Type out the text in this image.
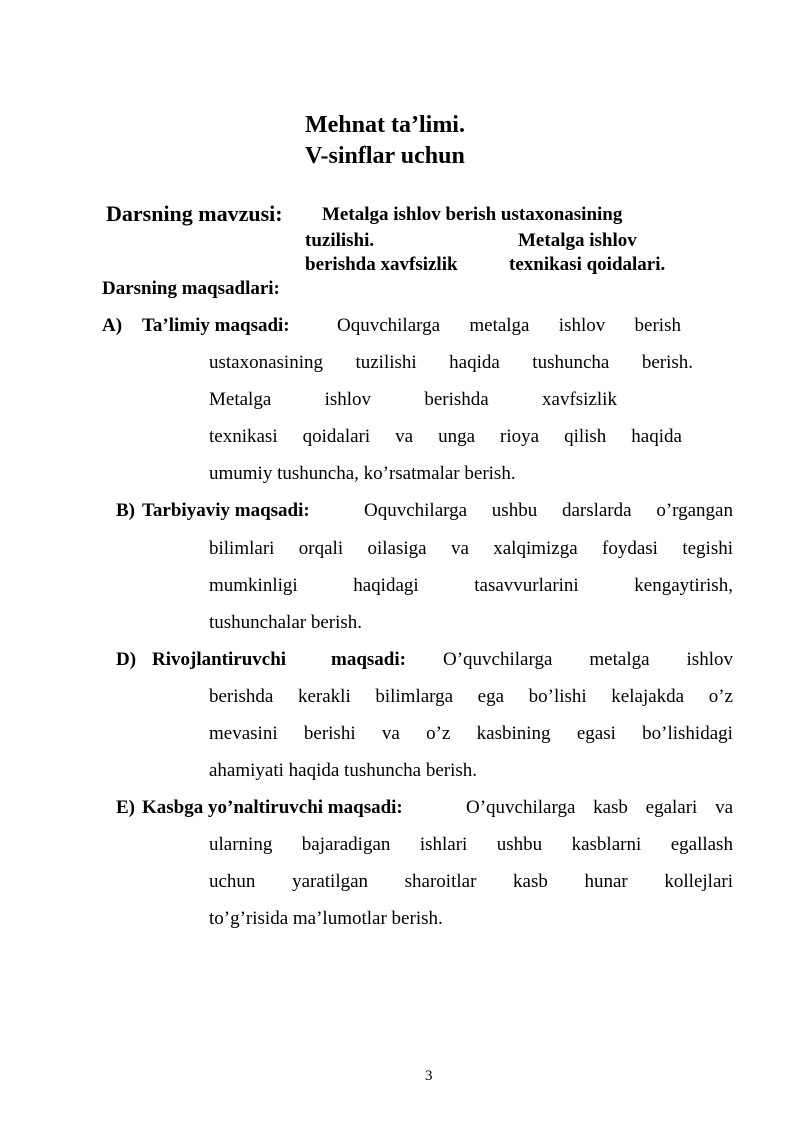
Mehnat ta’limi.
V-sinflar uchun
Darsning mavzusi: Metalga ishlov berish ustaxonasining
tuzilishi.	Metalga ishlov
berishda xavfsizlik	texnikasi qoidalari.
Darsning maqsadlari:
A) Ta’limiy maqsadi: Oquvchilarga metalga ishlov berish
ustaxonasining tuzilishi haqida tushuncha berish.
Metalga	ishlov	berishda	xavfsizlik
texnikasi qoidalari va unga rioya qilish haqida
umumiy tushuncha, ko’rsatmalar berish.
B) Tarbiyaviy maqsadi:	Oquvchilarga ushbu darslarda o’rgangan
bilimlari orqali oilasiga va xalqimizga foydasi tegishi
mumkinligi	haqidagi	tasavvurlarini	kengaytirish,
tushunchalar berish.
D) Rivojlantiruvchi maqsadi: O’quvchilarga metalga ishlov
berishda kerakli bilimlarga ega bo’lishi kelajakda o’z
mevasini berishi va o’z kasbining egasi bo’lishidagi
ahamiyati haqida tushuncha berish.
E) Kasbga yo’naltiruvchi maqsadi:	O’quvchilarga kasb egalari va
ularning bajaradigan ishlari ushbu kasblarni egallash
uchun yaratilgan sharoitlar kasb hunar kollejlari
to’g’risida ma’lumotlar berish.
3
